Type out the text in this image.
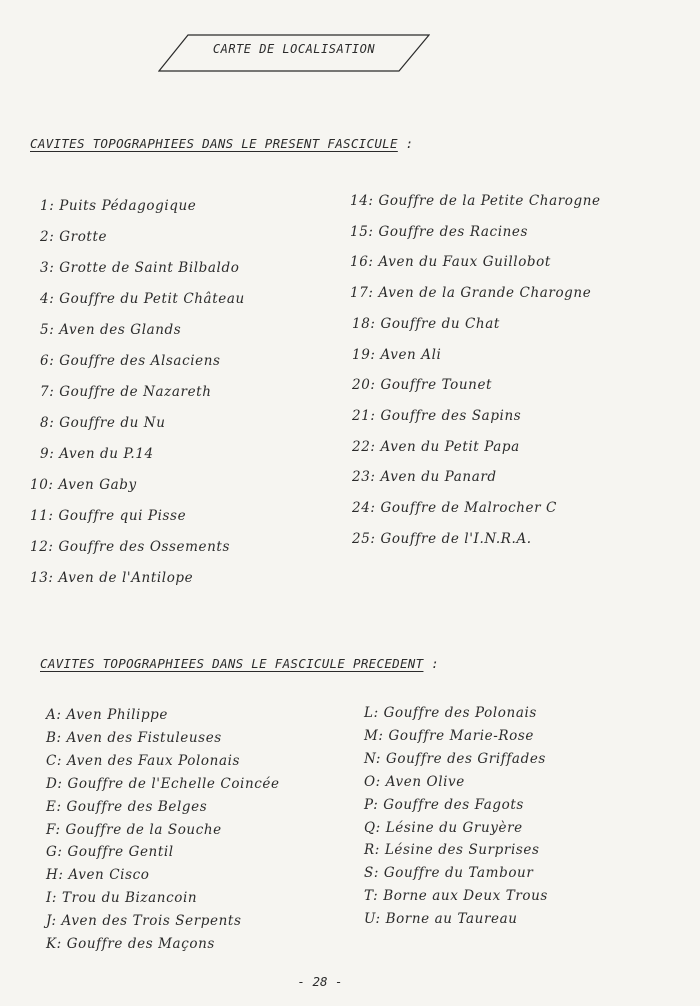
CARTE DE LOCALISATION
CAVITES TOPOGRAPHIEES DANS LE PRESENT FASCICULE :
1: Puits Pédagogique
2: Grotte
3: Grotte de Saint Bilbaldo
4: Gouffre du Petit Château
5: Aven des Glands
6: Gouffre des Alsaciens
7: Gouffre de Nazareth
8: Gouffre du Nu
9: Aven du P.14
10: Aven Gaby
11: Gouffre qui Pisse
12: Gouffre des Ossements
13: Aven de l'Antilope
14: Gouffre de la Petite Charogne
15: Gouffre des Racines
16: Aven du Faux Guillobot
17: Aven de la Grande Charogne
18: Gouffre du Chat
19: Aven Ali
20: Gouffre Tounet
21: Gouffre des Sapins
22: Aven du Petit Papa
23: Aven du Panard
24: Gouffre de Malrocher C
25: Gouffre de l'I.N.R.A.
CAVITES TOPOGRAPHIEES DANS LE FASCICULE PRECEDENT :
A: Aven Philippe
B: Aven des Fistuleuses
C: Aven des Faux Polonais
D: Gouffre de l'Echelle Coincée
E: Gouffre des Belges
F: Gouffre de la Souche
G: Gouffre Gentil
H: Aven Cisco
I: Trou du Bizancoin
J: Aven des Trois Serpents
K: Gouffre des Maçons
L: Gouffre des Polonais
M: Gouffre Marie-Rose
N: Gouffre des Griffades
O: Aven Olive
P: Gouffre des Fagots
Q: Lésine du Gruyère
R: Lésine des Surprises
S: Gouffre du Tambour
T: Borne aux Deux Trous
U: Borne au Taureau
- 28 -
